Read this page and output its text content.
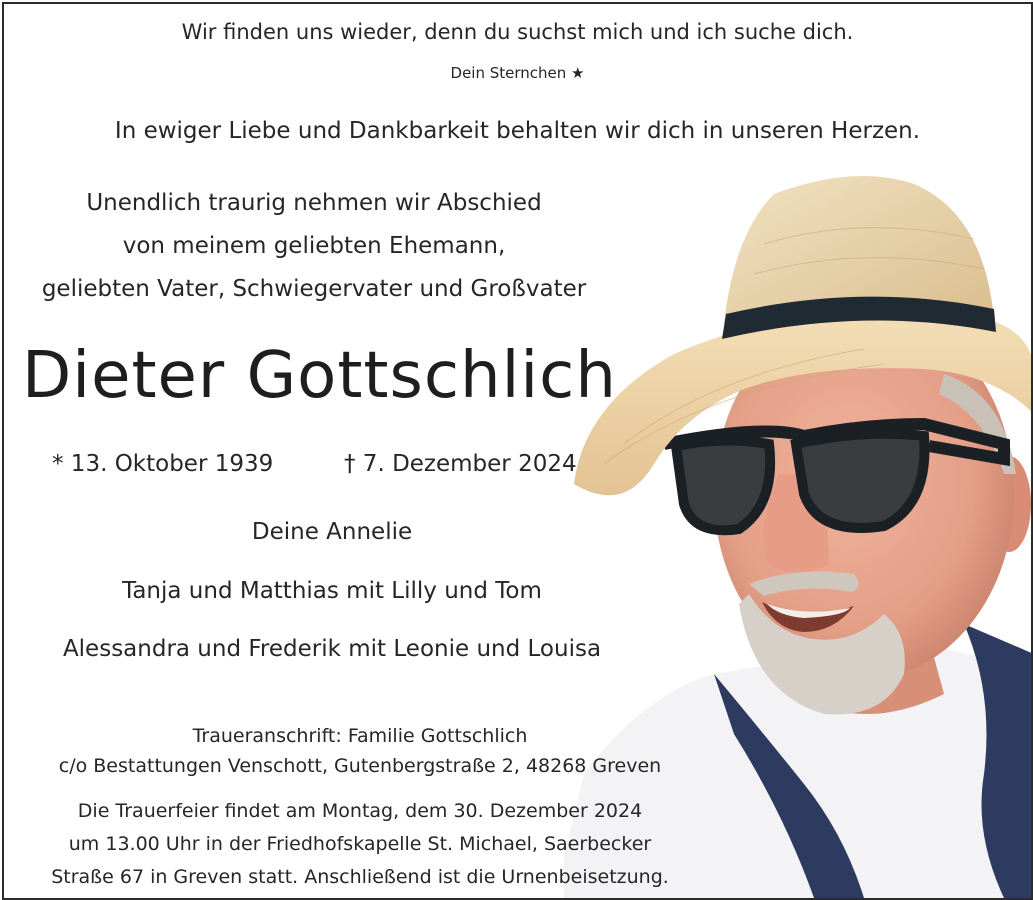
Wir finden uns wieder, denn du suchst mich und ich suche dich.
Dein Sternchen ★
In ewiger Liebe und Dankbarkeit behalten wir dich in unseren Herzen.
Unendlich traurig nehmen wir Abschied
von meinem geliebten Ehemann,
geliebten Vater, Schwiegervater und Großvater
Dieter Gottschlich
* 13. Oktober 1939	† 7. Dezember 2024
Deine Annelie
Tanja und Matthias mit Lilly und Tom
Alessandra und Frederik mit Leonie und Louisa
Traueranschrift: Familie Gottschlich
c/o Bestattungen Venschott, Gutenbergstraße 2, 48268 Greven
Die Trauerfeier findet am Montag, dem 30. Dezember 2024
um 13.00 Uhr in der Friedhofskapelle St. Michael, Saerbecker
Straße 67 in Greven statt. Anschließend ist die Urnenbeisetzung.
